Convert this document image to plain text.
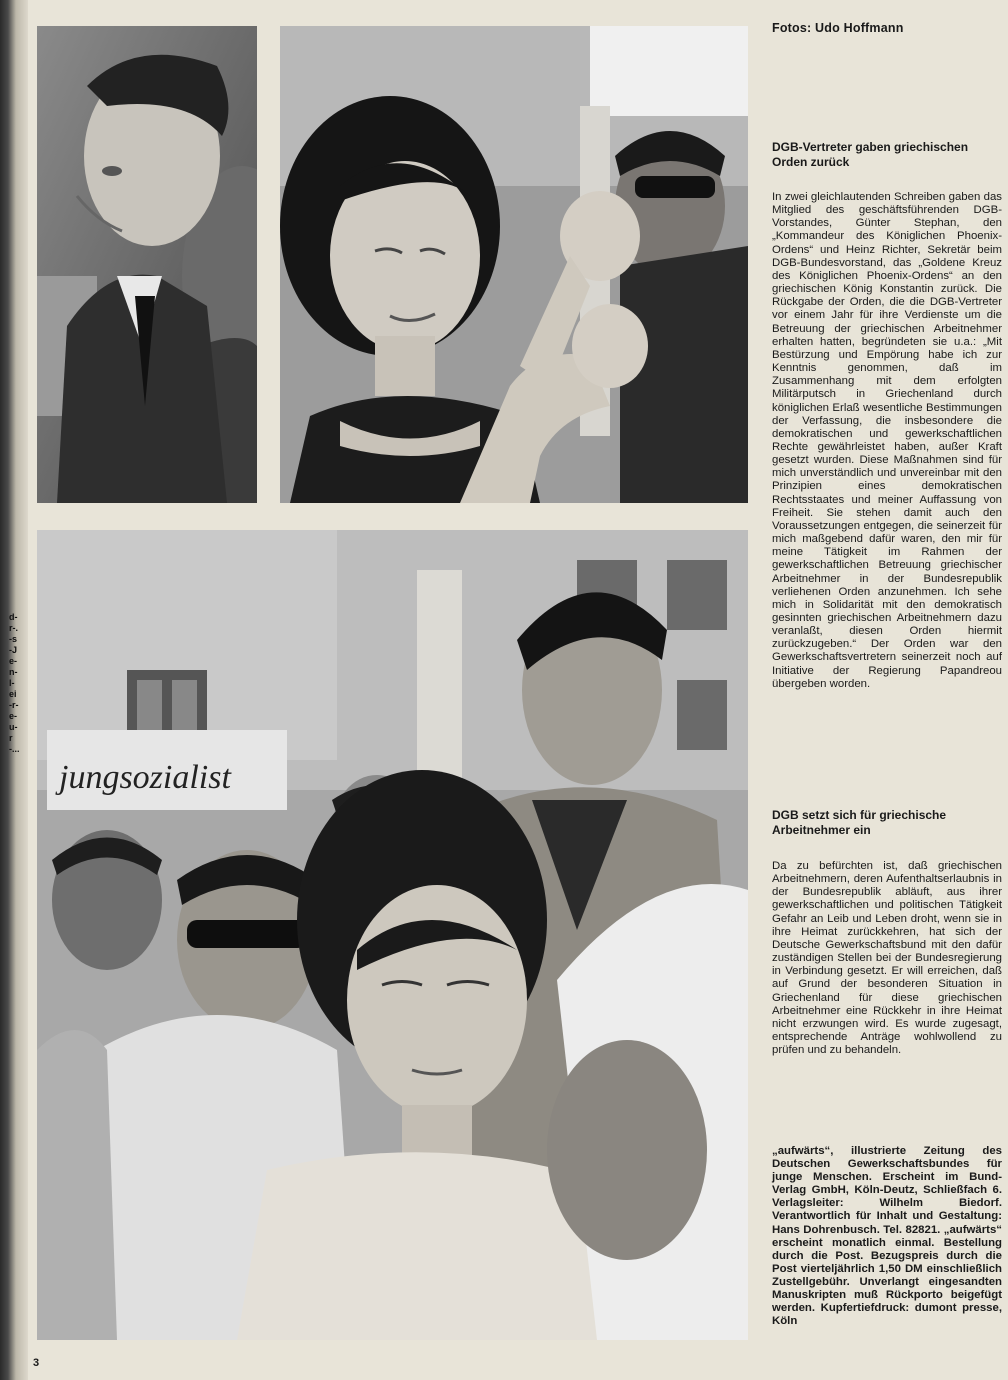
d-r-.-s-Je-n-l-ei-r-e-u-r-...
jungsozialist
Fotos: Udo Hoffmann
DGB-Vertreter gaben griechischen Orden zurück
In zwei gleichlautenden Schreiben gaben das Mitglied des geschäftsführenden DGB-Vorstandes, Günter Stephan, den „Kommandeur des Königlichen Phoenix-Ordens“ und Heinz Richter, Sekretär beim DGB-Bundesvorstand, das „Goldene Kreuz des Königlichen Phoenix-Ordens“ an den griechischen König Konstantin zurück. Die Rückgabe der Orden, die die DGB-Vertreter vor einem Jahr für ihre Verdienste um die Betreuung der griechischen Arbeitnehmer erhalten hatten, begründeten sie u.a.: „Mit Bestürzung und Empörung habe ich zur Kenntnis genommen, daß im Zusammenhang mit dem erfolgten Militärputsch in Griechenland durch königlichen Erlaß wesentliche Bestimmungen der Verfassung, die insbesondere die demokratischen und gewerkschaftlichen Rechte gewährleistet haben, außer Kraft gesetzt wurden. Diese Maßnahmen sind für mich unverständlich und unvereinbar mit den Prinzipien eines demokratischen Rechtsstaates und meiner Auffassung von Freiheit. Sie stehen damit auch den Voraussetzungen entgegen, die seinerzeit für mich maßgebend dafür waren, den mir für meine Tätigkeit im Rahmen der gewerkschaftlichen Betreuung griechischer Arbeitnehmer in der Bundesrepublik verliehenen Orden anzunehmen. Ich sehe mich in Solidarität mit den demokratisch gesinnten griechischen Arbeitnehmern dazu veranlaßt, diesen Orden hiermit zurückzugeben.“ Der Orden war den Gewerkschaftsvertretern seinerzeit noch auf Initiative der Regierung Papandreou übergeben worden.
DGB setzt sich für griechische Arbeitnehmer ein
Da zu befürchten ist, daß griechischen Arbeitnehmern, deren Aufenthaltserlaubnis in der Bundesrepublik abläuft, aus ihrer gewerkschaftlichen und politischen Tätigkeit Gefahr an Leib und Leben droht, wenn sie in ihre Heimat zurückkehren, hat sich der Deutsche Gewerkschaftsbund mit den dafür zuständigen Stellen bei der Bundesregierung in Verbindung gesetzt. Er will erreichen, daß auf Grund der besonderen Situation in Griechenland für diese griechischen Arbeitnehmer eine Rückkehr in ihre Heimat nicht erzwungen wird. Es wurde zugesagt, entsprechende Anträge wohlwollend zu prüfen und zu behandeln.
„aufwärts“, illustrierte Zeitung des Deutschen Gewerkschaftsbundes für junge Menschen. Erscheint im Bund-Verlag GmbH, Köln-Deutz, Schließfach 6. Verlagsleiter: Wilhelm Biedorf. Verantwortlich für Inhalt und Gestaltung: Hans Dohrenbusch. Tel. 82821. „aufwärts“ erscheint monatlich einmal. Bestellung durch die Post. Bezugspreis durch die Post vierteljährlich 1,50 DM einschließlich Zustellgebühr. Unverlangt eingesandten Manuskripten muß Rückporto beigefügt werden. Kupfertiefdruck: dumont presse, Köln
3
